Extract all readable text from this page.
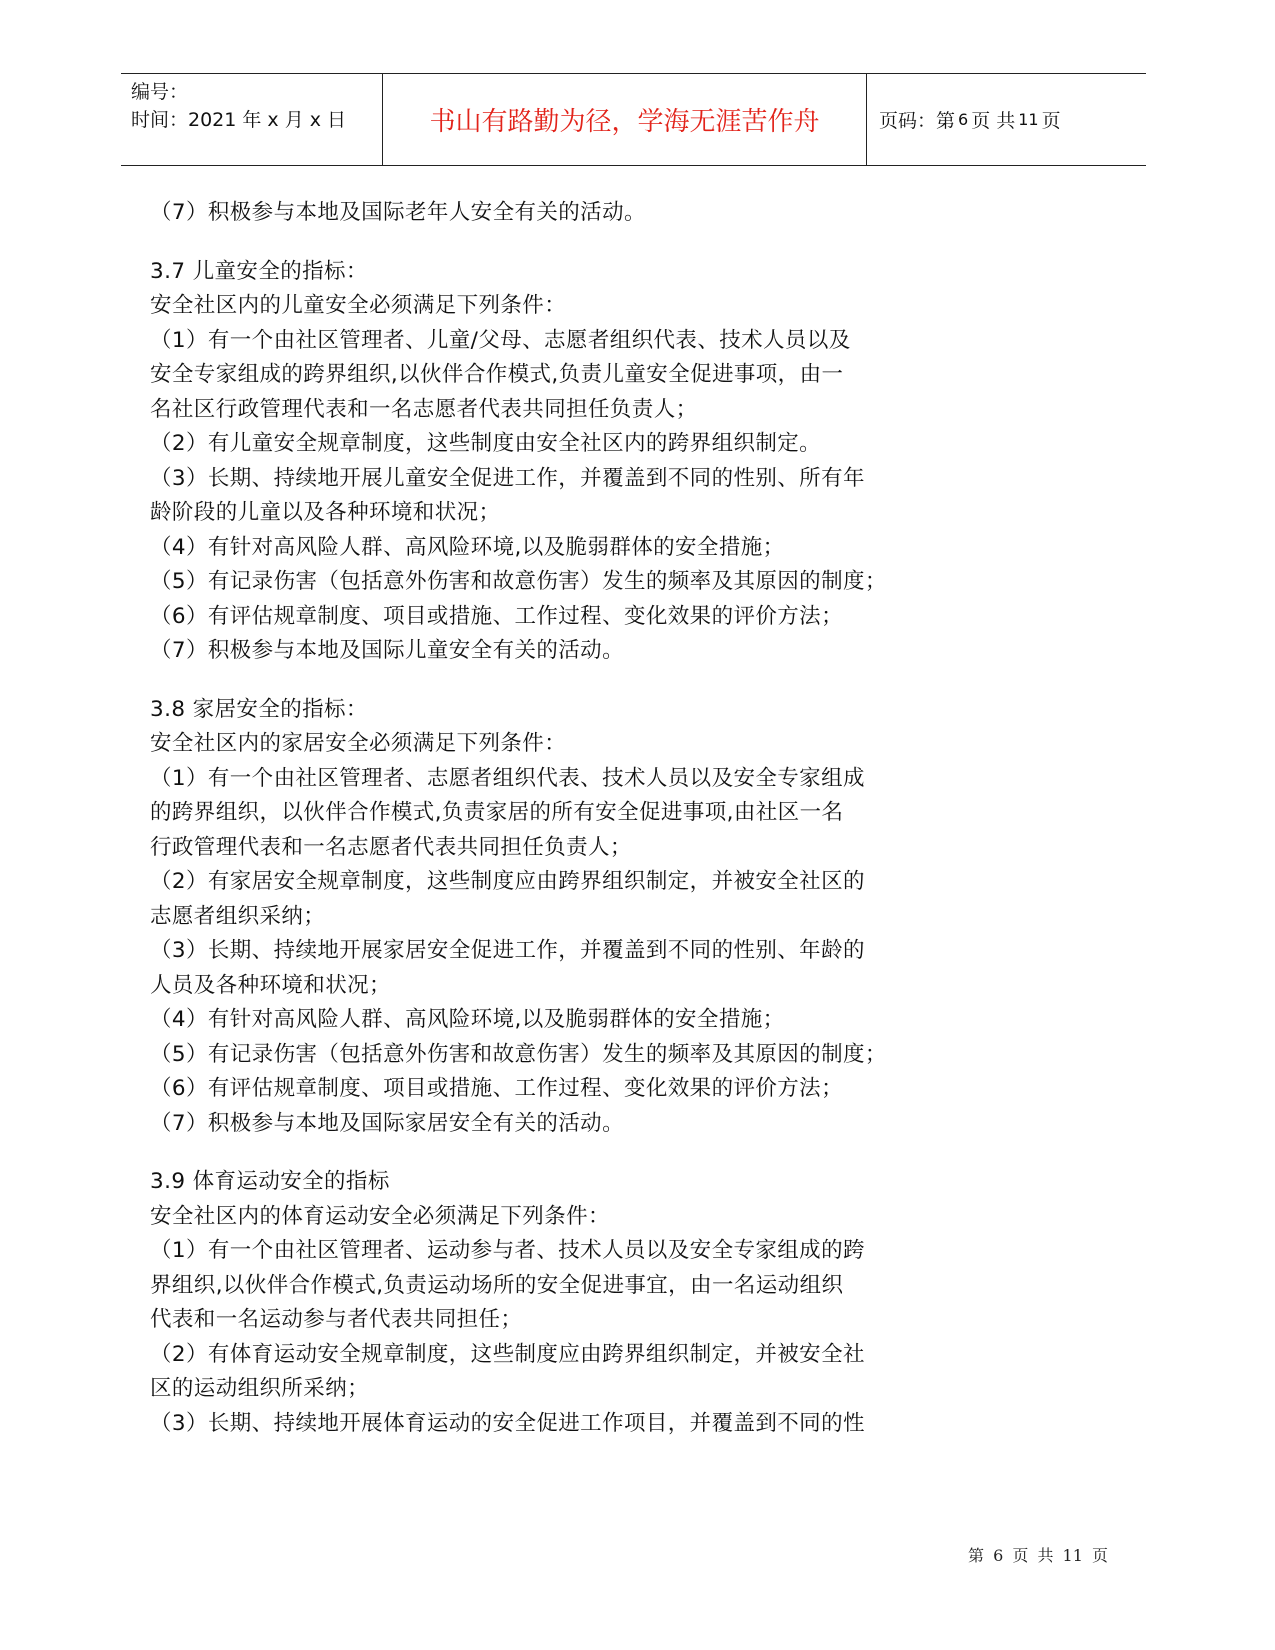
编号：
时间：2021 年 x 月 x 日	书山有路勤为径，学海无涯苦作舟	页码：第 6 页 共 11 页
（7）积极参与本地及国际老年人安全有关的活动。
3.7 儿童安全的指标：
安全社区内的儿童安全必须满足下列条件：
（1）有一个由社区管理者、儿童/父母、志愿者组织代表、技术人员以及
安全专家组成的跨界组织,以伙伴合作模式,负责儿童安全促进事项，由一
名社区行政管理代表和一名志愿者代表共同担任负责人；
（2）有儿童安全规章制度，这些制度由安全社区内的跨界组织制定。
（3）长期、持续地开展儿童安全促进工作，并覆盖到不同的性别、所有年
龄阶段的儿童以及各种环境和状况；
（4）有针对高风险人群、高风险环境,以及脆弱群体的安全措施；
（5）有记录伤害（包括意外伤害和故意伤害）发生的频率及其原因的制度；
（6）有评估规章制度、项目或措施、工作过程、变化效果的评价方法；
（7）积极参与本地及国际儿童安全有关的活动。
3.8 家居安全的指标：
安全社区内的家居安全必须满足下列条件：
（1）有一个由社区管理者、志愿者组织代表、技术人员以及安全专家组成
的跨界组织，以伙伴合作模式,负责家居的所有安全促进事项,由社区一名
行政管理代表和一名志愿者代表共同担任负责人；
（2）有家居安全规章制度，这些制度应由跨界组织制定，并被安全社区的
志愿者组织采纳；
（3）长期、持续地开展家居安全促进工作，并覆盖到不同的性别、年龄的
人员及各种环境和状况；
（4）有针对高风险人群、高风险环境,以及脆弱群体的安全措施；
（5）有记录伤害（包括意外伤害和故意伤害）发生的频率及其原因的制度；
（6）有评估规章制度、项目或措施、工作过程、变化效果的评价方法；
（7）积极参与本地及国际家居安全有关的活动。
3.9 体育运动安全的指标
安全社区内的体育运动安全必须满足下列条件：
（1）有一个由社区管理者、运动参与者、技术人员以及安全专家组成的跨
界组织,以伙伴合作模式,负责运动场所的安全促进事宜，由一名运动组织
代表和一名运动参与者代表共同担任；
（2）有体育运动安全规章制度，这些制度应由跨界组织制定，并被安全社
区的运动组织所采纳；
（3）长期、持续地开展体育运动的安全促进工作项目，并覆盖到不同的性
第 6 页 共 11 页
